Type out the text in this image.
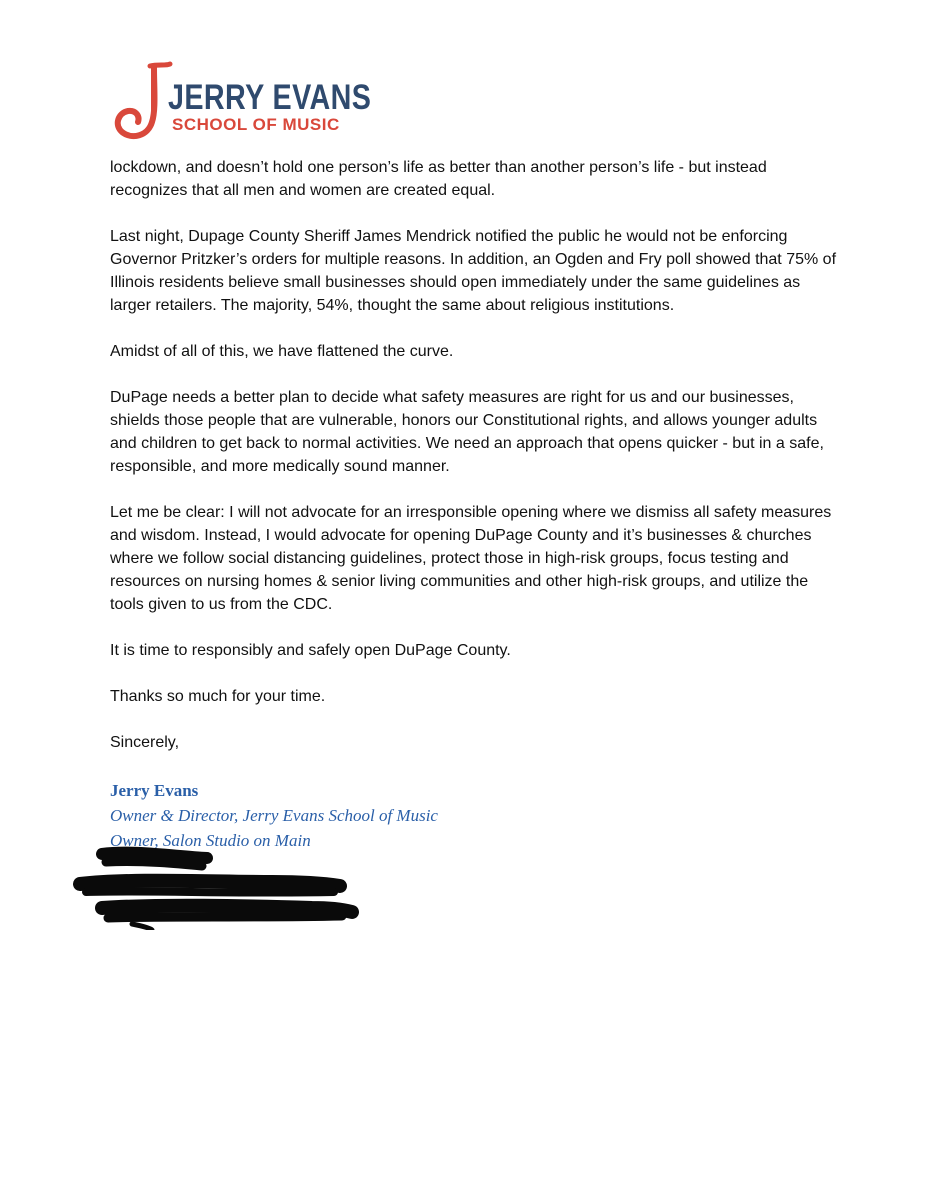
JERRY EVANS
SCHOOL OF MUSIC

lockdown, and doesn’t hold one person’s life as better than another person’s life - but instead recognizes that all men and women are created equal.

Last night, Dupage County Sheriff James Mendrick notified the public he would not be enforcing Governor Pritzker’s orders for multiple reasons. In addition, an Ogden and Fry poll showed that 75% of Illinois residents believe small businesses should open immediately under the same guidelines as larger retailers. The majority, 54%, thought the same about religious institutions.

Amidst of all of this, we have flattened the curve.

DuPage needs a better plan to decide what safety measures are right for us and our businesses, shields those people that are vulnerable, honors our Constitutional rights, and allows younger adults and children to get back to normal activities. We need an approach that opens quicker - but in a safe, responsible, and more medically sound manner.

Let me be clear: I will not advocate for an irresponsible opening where we dismiss all safety measures and wisdom. Instead, I would advocate for opening DuPage County and it’s businesses & churches where we follow social distancing guidelines, protect those in high-risk groups, focus testing and resources on nursing homes & senior living communities and other high-risk groups, and utilize the tools given to us from the CDC.

It is time to responsibly and safely open DuPage County.

Thanks so much for your time.

Sincerely,

Jerry Evans
Owner & Director, Jerry Evans School of Music
Owner, Salon Studio on Main
